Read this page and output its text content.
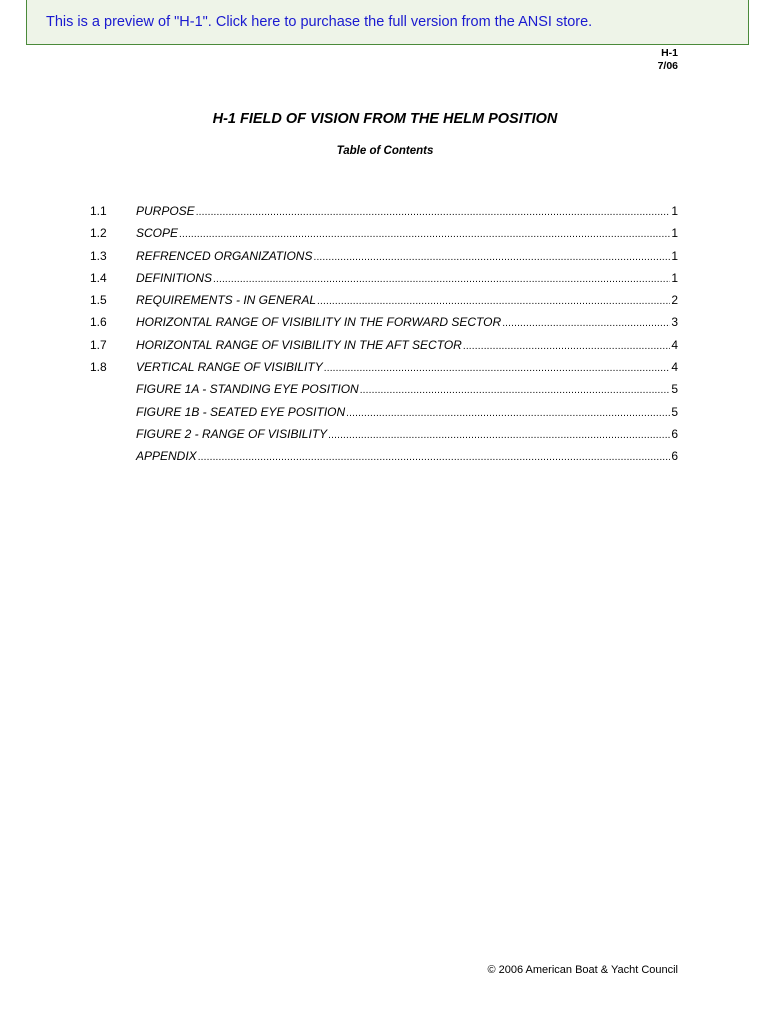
This is a preview of "H-1". Click here to purchase the full version from the ANSI store.
H-1
7/06
H-1 FIELD OF VISION FROM THE HELM POSITION
Table of Contents
1.1	PURPOSE .....	1
1.2	SCOPE .....	1
1.3	REFRENCED ORGANIZATIONS .....	1
1.4	DEFINITIONS .....	1
1.5	REQUIREMENTS - IN GENERAL .....	2
1.6	HORIZONTAL RANGE OF VISIBILITY IN THE FORWARD SECTOR .....	3
1.7	HORIZONTAL RANGE OF VISIBILITY IN THE AFT SECTOR .....	4
1.8	VERTICAL RANGE OF VISIBILITY .....	4
FIGURE 1A - STANDING EYE POSITION .....	5
FIGURE 1B - SEATED EYE POSITION .....	5
FIGURE 2 - RANGE OF VISIBILITY .....	6
APPENDIX .....	6
© 2006 American Boat & Yacht Council
